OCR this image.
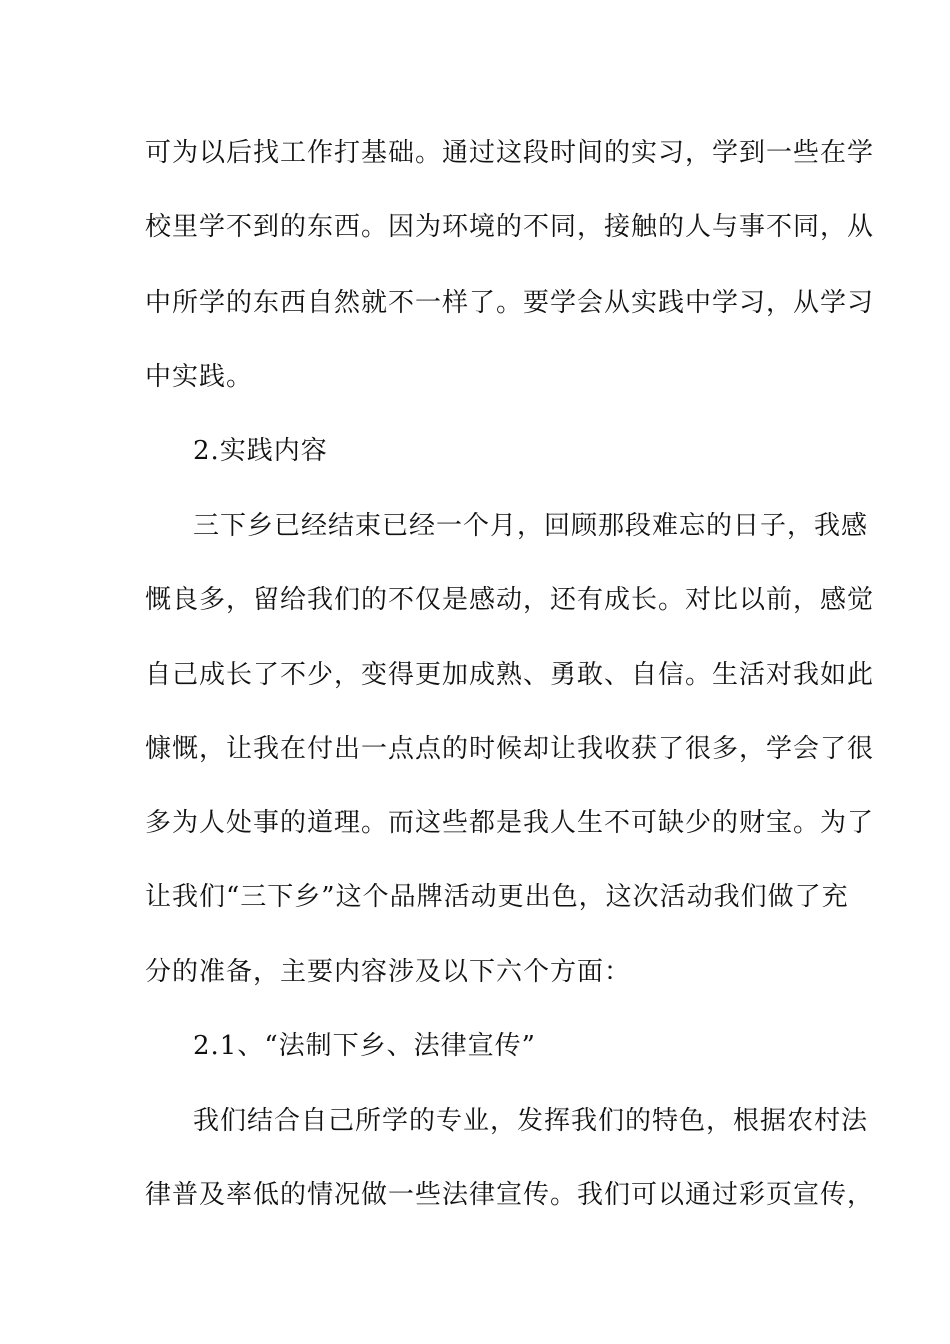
可为以后找工作打基础。通过这段时间的实习，学到一些在学
校里学不到的东西。因为环境的不同，接触的人与事不同，从
中所学的东西自然就不一样了。要学会从实践中学习，从学习
中实践。
2.实践内容
三下乡已经结束已经一个月，回顾那段难忘的日子，我感
慨良多，留给我们的不仅是感动，还有成长。对比以前，感觉
自己成长了不少，变得更加成熟、勇敢、自信。生活对我如此
慷慨，让我在付出一点点的时候却让我收获了很多，学会了很
多为人处事的道理。而这些都是我人生不可缺少的财宝。为了
让我们“三下乡”这个品牌活动更出色，这次活动我们做了充
分的准备，主要内容涉及以下六个方面：
2.1、“法制下乡、法律宣传”
我们结合自己所学的专业，发挥我们的特色，根据农村法
律普及率低的情况做一些法律宣传。我们可以通过彩页宣传，
